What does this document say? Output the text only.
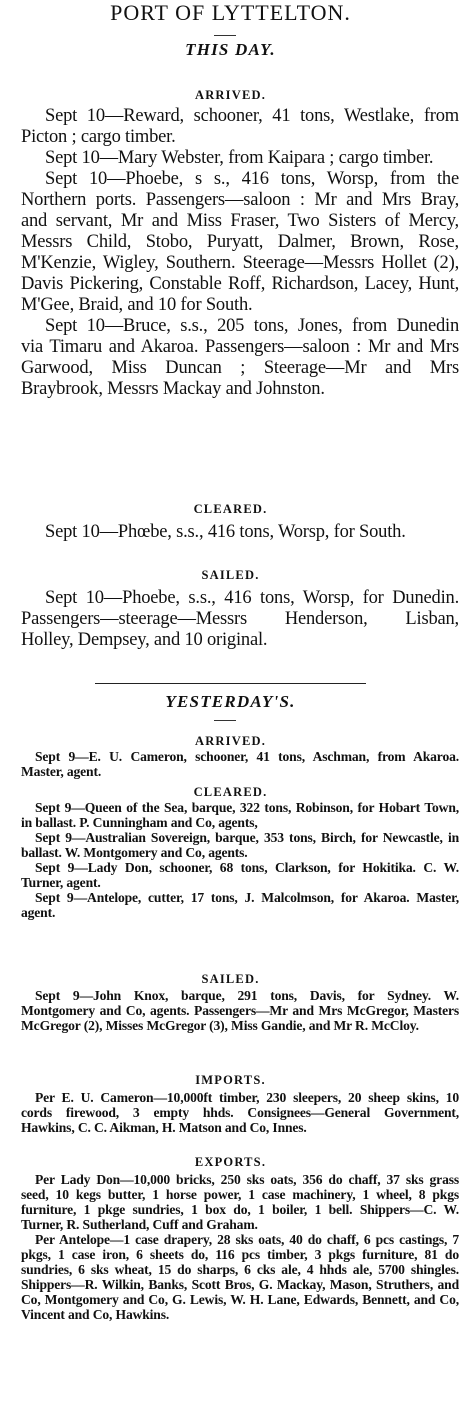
PORT OF LYTTELTON.
THIS DAY.
ARRIVED.
Sept 10—Reward, schooner, 41 tons, Westlake, from
Picton ; cargo timber.
Sept 10—Mary Webster, from Kaipara ; cargo timber.
Sept 10—Phoebe, s s., 416 tons, Worsp, from the
Northern ports. Passengers—saloon : Mr and Mrs Bray,
and servant, Mr and Miss Fraser, Two Sisters of Mercy,
Messrs Child, Stobo, Puryatt, Dalmer, Brown, Rose,
M'Kenzie, Wigley, Southern. Steerage—Messrs Hollet (2),
Davis Pickering, Constable Roff, Richardson, Lacey, Hunt,
M'Gee, Braid, and 10 for South.
Sept 10—Bruce, s.s., 205 tons, Jones, from Dunedin
via Timaru and Akaroa. Passengers—saloon : Mr and Mrs
Garwood, Miss Duncan ; Steerage—Mr and Mrs
Braybrook, Messrs Mackay and Johnston.
CLEARED.
Sept 10—Phœbe, s.s., 416 tons, Worsp, for South.
SAILED.
Sept 10—Phoebe, s.s., 416 tons, Worsp, for Dunedin.
Passengers—steerage—Messrs Henderson, Lisban,
Holley, Dempsey, and 10 original.
YESTERDAY'S.
ARRIVED.
Sept 9—E. U. Cameron, schooner, 41 tons, Aschman, from Akaroa.
Master, agent.
CLEARED.
Sept 9—Queen of the Sea, barque, 322 tons, Robinson, for Hobart Town,
in ballast. P. Cunningham and Co, agents,
Sept 9—Australian Sovereign, barque, 353 tons, Birch, for Newcastle, in
ballast. W. Montgomery and Co, agents.
Sept 9—Lady Don, schooner, 68 tons, Clarkson, for Hokitika. C. W.
Turner, agent.
Sept 9—Antelope, cutter, 17 tons, J. Malcolmson, for Akaroa. Master,
agent.
SAILED.
Sept 9—John Knox, barque, 291 tons, Davis, for Sydney. W.
Montgomery and Co, agents. Passengers—Mr and Mrs McGregor, Masters
McGregor (2), Misses McGregor (3), Miss Gandie, and Mr R. McCloy.
IMPORTS.
Per E. U. Cameron—10,000ft timber, 230 sleepers, 20 sheep skins, 10
cords firewood, 3 empty hhds. Consignees—General Government,
Hawkins, C. C. Aikman, H. Matson and Co, Innes.
EXPORTS.
Per Lady Don—10,000 bricks, 250 sks oats, 356 do chaff, 37 sks grass
seed, 10 kegs butter, 1 horse power, 1 case machinery, 1 wheel, 8 pkgs
furniture, 1 pkge sundries, 1 box do, 1 boiler, 1 bell. Shippers—C. W.
Turner, R. Sutherland, Cuff and Graham.
Per Antelope—1 case drapery, 28 sks oats, 40 do chaff, 6 pcs castings, 7
pkgs, 1 case iron, 6 sheets do, 116 pcs timber, 3 pkgs furniture, 81 do
sundries, 6 sks wheat, 15 do sharps, 6 cks ale, 4 hhds ale, 5700 shingles.
Shippers—R. Wilkin, Banks, Scott Bros, G. Mackay, Mason, Struthers, and
Co, Montgomery and Co, G. Lewis, W. H. Lane, Edwards, Bennett, and Co,
Vincent and Co, Hawkins.
